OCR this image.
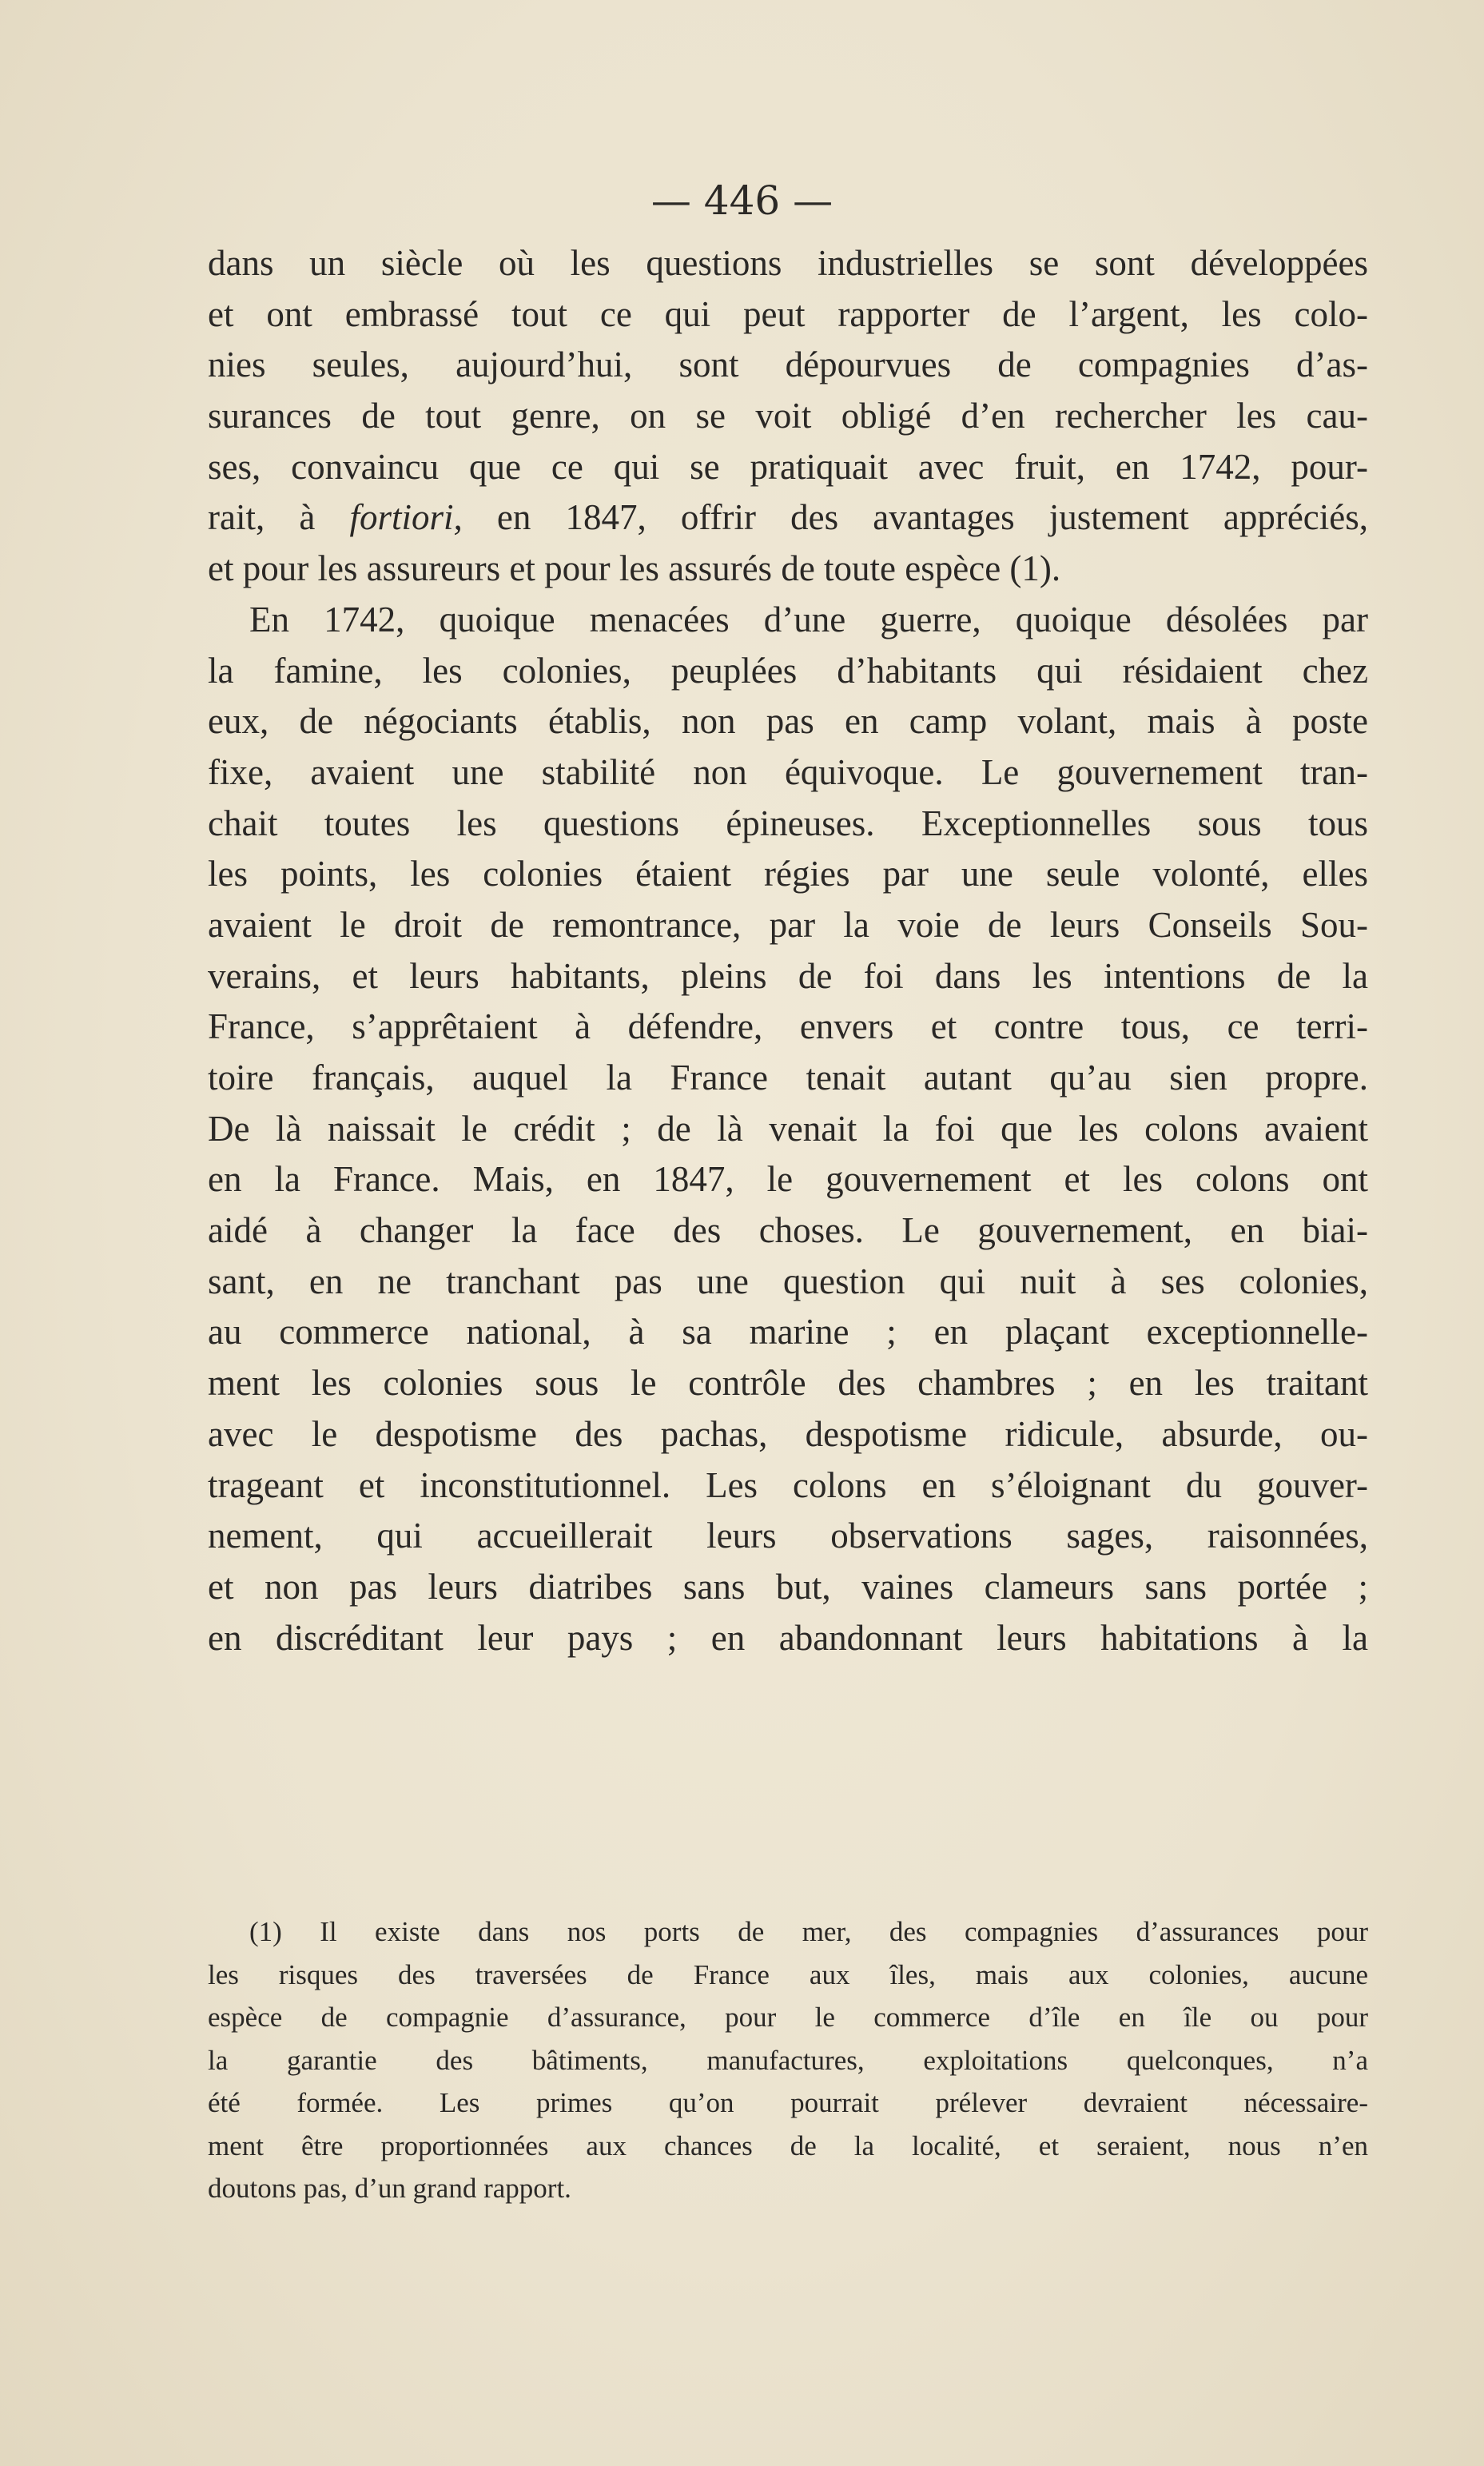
— 446 —
dans un siècle où les questions industrielles se sont développées
et ont embrassé tout ce qui peut rapporter de l’argent, les colo-
nies seules, aujourd’hui, sont dépourvues de compagnies d’as-
surances de tout genre, on se voit obligé d’en rechercher les cau-
ses, convaincu que ce qui se pratiquait avec fruit, en 1742, pour-
rait, à fortiori, en 1847, offrir des avantages justement appréciés,
et pour les assureurs et pour les assurés de toute espèce (1).
En 1742, quoique menacées d’une guerre, quoique désolées par
la famine, les colonies, peuplées d’habitants qui résidaient chez
eux, de négociants établis, non pas en camp volant, mais à poste
fixe, avaient une stabilité non équivoque. Le gouvernement tran-
chait toutes les questions épineuses. Exceptionnelles sous tous
les points, les colonies étaient régies par une seule volonté, elles
avaient le droit de remontrance, par la voie de leurs Conseils Sou-
verains, et leurs habitants, pleins de foi dans les intentions de la
France, s’apprêtaient à défendre, envers et contre tous, ce terri-
toire français, auquel la France tenait autant qu’au sien propre.
De là naissait le crédit ; de là venait la foi que les colons avaient
en la France. Mais, en 1847, le gouvernement et les colons ont
aidé à changer la face des choses. Le gouvernement, en biai-
sant, en ne tranchant pas une question qui nuit à ses colonies,
au commerce national, à sa marine ; en plaçant exceptionnelle-
ment les colonies sous le contrôle des chambres ; en les traitant
avec le despotisme des pachas, despotisme ridicule, absurde, ou-
trageant et inconstitutionnel. Les colons en s’éloignant du gouver-
nement, qui accueillerait leurs observations sages, raisonnées,
et non pas leurs diatribes sans but, vaines clameurs sans portée ;
en discréditant leur pays ; en abandonnant leurs habitations à la
(1) Il existe dans nos ports de mer, des compagnies d’assurances pour
les risques des traversées de France aux îles, mais aux colonies, aucune
espèce de compagnie d’assurance, pour le commerce d’île en île ou pour
la garantie des bâtiments, manufactures, exploitations quelconques, n’a
été formée. Les primes qu’on pourrait prélever devraient nécessaire-
ment être proportionnées aux chances de la localité, et seraient, nous n’en
doutons pas, d’un grand rapport.
